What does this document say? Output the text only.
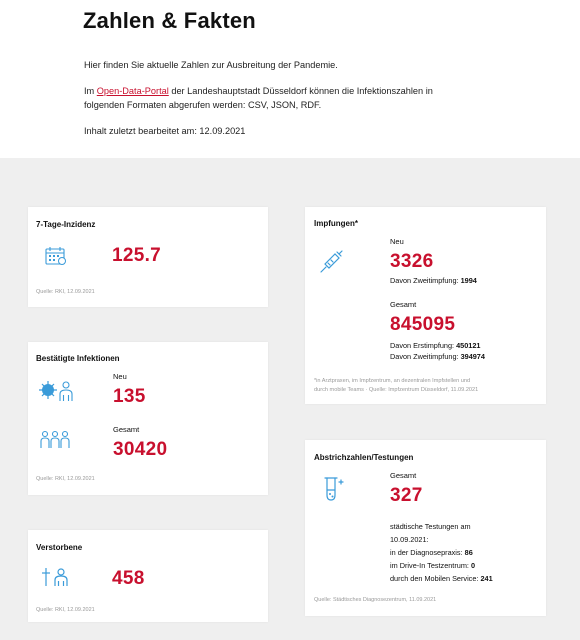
Zahlen & Fakten
Hier finden Sie aktuelle Zahlen zur Ausbreitung der Pandemie.
Im Open-Data-Portal der Landeshauptstadt Düsseldorf können die Infektionszahlen in
folgenden Formaten abgerufen werden: CSV, JSON, RDF.
Inhalt zuletzt bearbeitet am: 12.09.2021
7-Tage-Inzidenz
125.7
Quelle: RKI, 12.09.2021
Bestätigte Infektionen
Neu
135
Gesamt
30420
Quelle: RKI, 12.09.2021
Verstorbene
458
Quelle: RKI, 12.09.2021
Impfungen*
Neu
3326
Davon Zweitimpfung: 1994
Gesamt
845095
Davon Erstimpfung: 450121
Davon Zweitimpfung: 394974
*in Arztpraxen, im Impfzentrum, an dezentralen Impfstellen und
durch mobile Teams · Quelle: Impfzentrum Düsseldorf, 11.09.2021
Abstrichzahlen/Testungen
Gesamt
327
städtische Testungen am
10.09.2021:
in der Diagnosepraxis: 86
im Drive-In Testzentrum: 0
durch den Mobilen Service: 241
Quelle: Städtisches Diagnosezentrum, 11.09.2021
